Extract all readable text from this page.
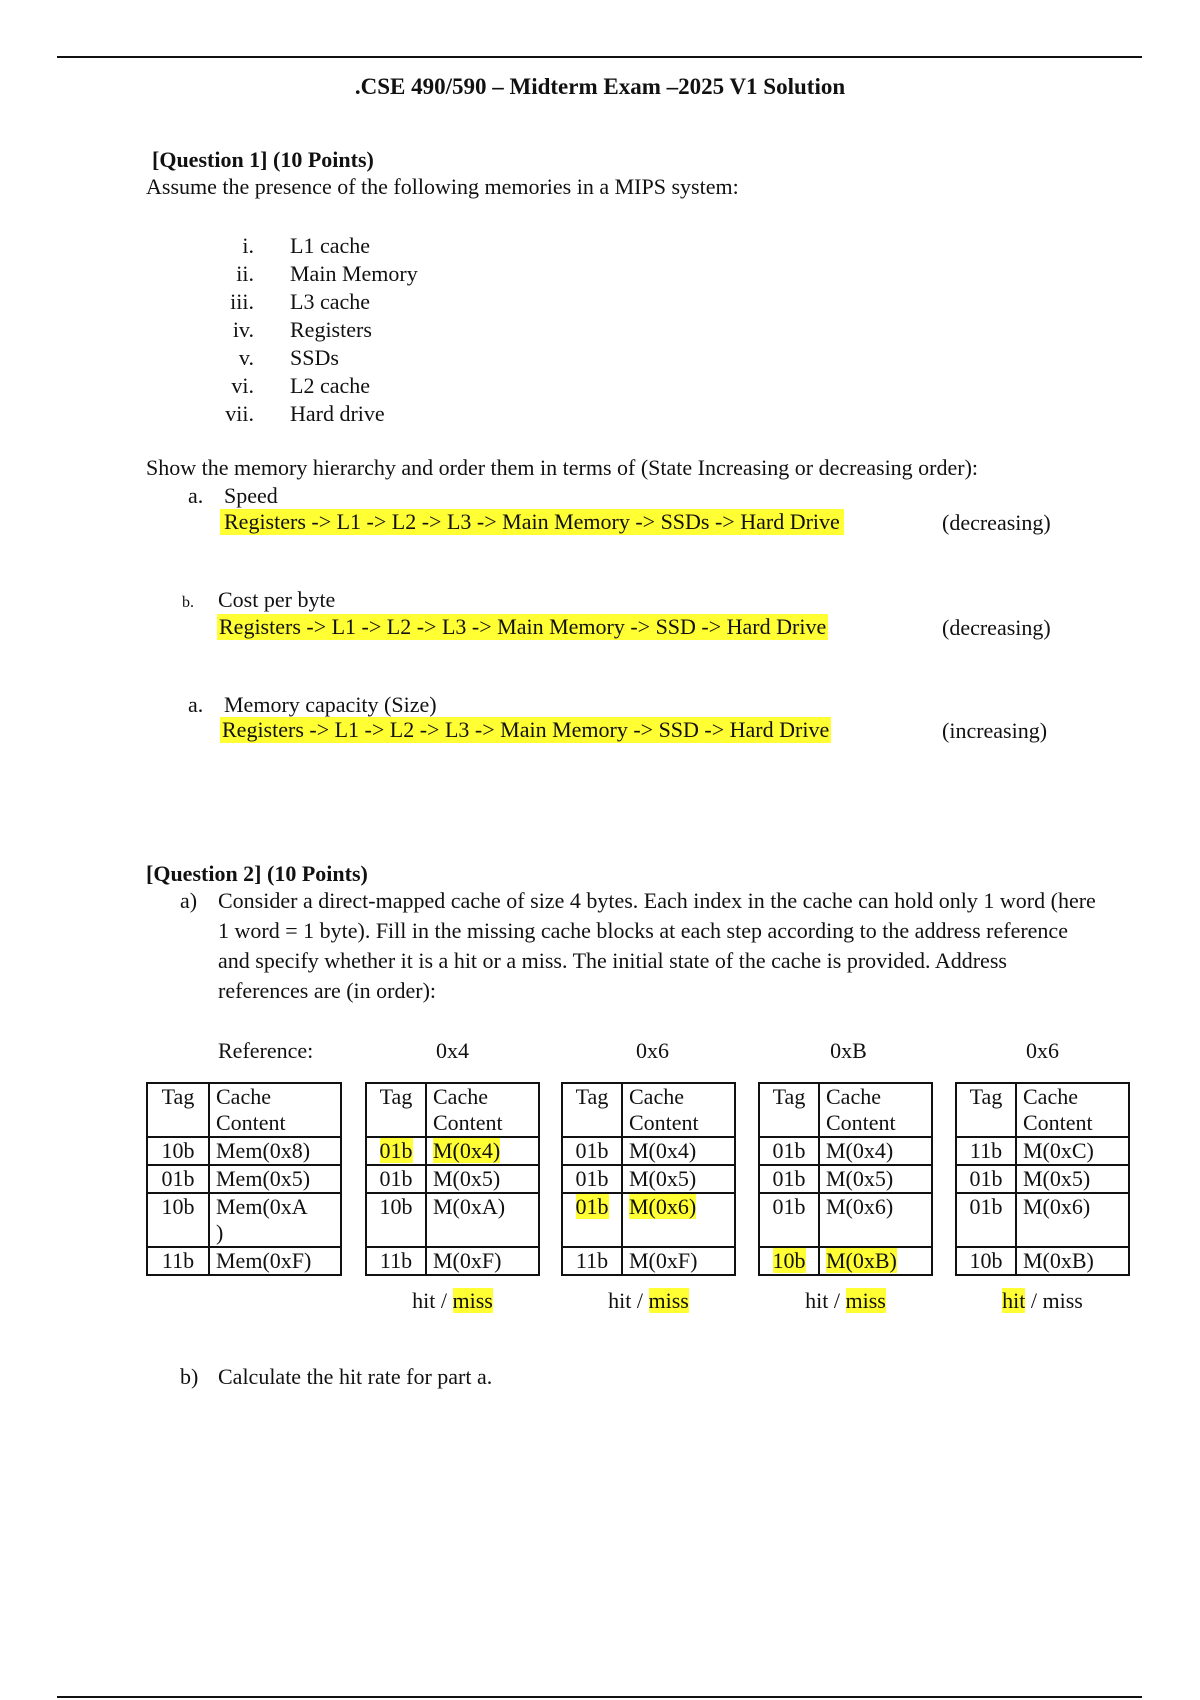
.CSE 490/590 – Midterm Exam –2025 V1 Solution
[Question 1] (10 Points)
Assume the presence of the following memories in a MIPS system:
i. L1 cache
ii. Main Memory
iii. L3 cache
iv. Registers
v. SSDs
vi. L2 cache
vii. Hard drive
Show the memory hierarchy and order them in terms of (State Increasing or decreasing order):
a. Speed
Registers -> L1 -> L2 -> L3 -> Main Memory -> SSDs -> Hard Drive	(decreasing)
b. Cost per byte
Registers -> L1 -> L2 -> L3 -> Main Memory -> SSD -> Hard Drive	(decreasing)
a. Memory capacity (Size)
Registers -> L1 -> L2 -> L3 -> Main Memory -> SSD -> Hard Drive	(increasing)
[Question 2] (10 Points)
a) Consider a direct-mapped cache of size 4 bytes. Each index in the cache can hold only 1 word (here 1 word = 1 byte). Fill in the missing cache blocks at each step according to the address reference and specify whether it is a hit or a miss. The initial state of the cache is provided. Address references are (in order):
Reference:	0x4	0x6	0xB	0x6
Tag	Cache
Content
10b	Mem(0x8)
01b	Mem(0x5)
10b	Mem(0xA
)
11b	Mem(0xF)
Tag	Cache
Content
01b	M(0x4)
01b	M(0x5)
10b	M(0xA)
11b	M(0xF)
hit / miss
Tag	Cache
Content
01b	M(0x4)
01b	M(0x5)
01b	M(0x6)
11b	M(0xF)
hit / miss
Tag	Cache
Content
01b	M(0x4)
01b	M(0x5)
01b	M(0x6)
10b	M(0xB)
hit / miss
Tag	Cache
Content
11b	M(0xC)
01b	M(0x5)
01b	M(0x6)
10b	M(0xB)
hit / miss
b) Calculate the hit rate for part a.
